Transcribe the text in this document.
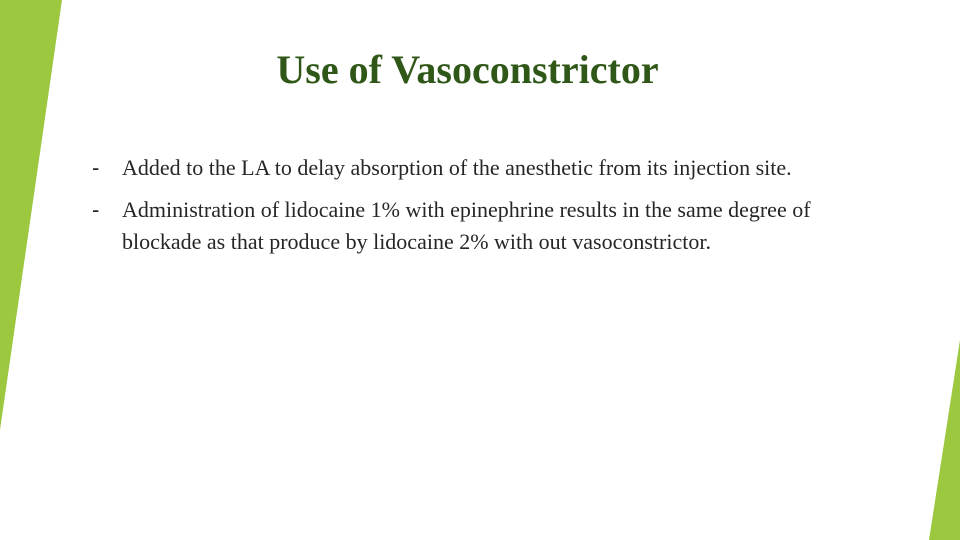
Use of Vasoconstrictor
-	Added to the LA to delay absorption of the anesthetic from its injection site.
-	Administration of lidocaine 1% with epinephrine results in the same degree of blockade as that produce by lidocaine 2% with out vasoconstrictor.
